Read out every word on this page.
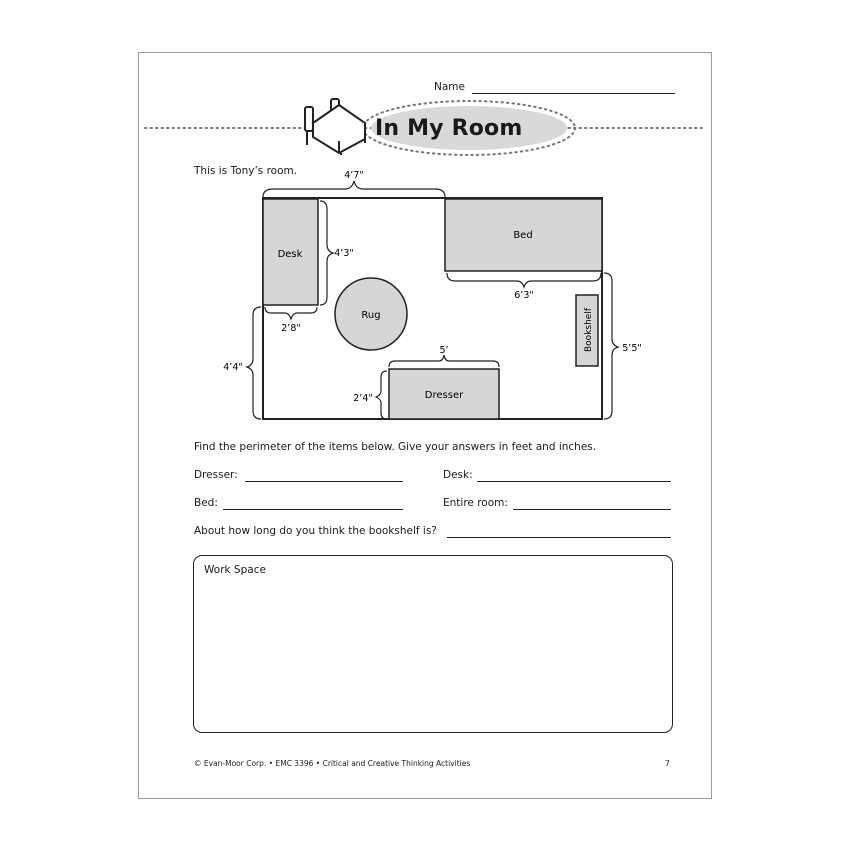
Name
In My Room
This is Tony’s room.
Desk
Bed
Rug
Dresser
Bookshelf
4’7"
4’3"
2’8"
6’3"
4’4"
5’5"
5’
2’4"
Find the perimeter of the items below. Give your answers in feet and inches.
Dresser:	Desk:
Bed:	Entire room:
About how long do you think the bookshelf is?
Work Space
© Evan-Moor Corp. • EMC 3396 • Critical and Creative Thinking Activities	7
